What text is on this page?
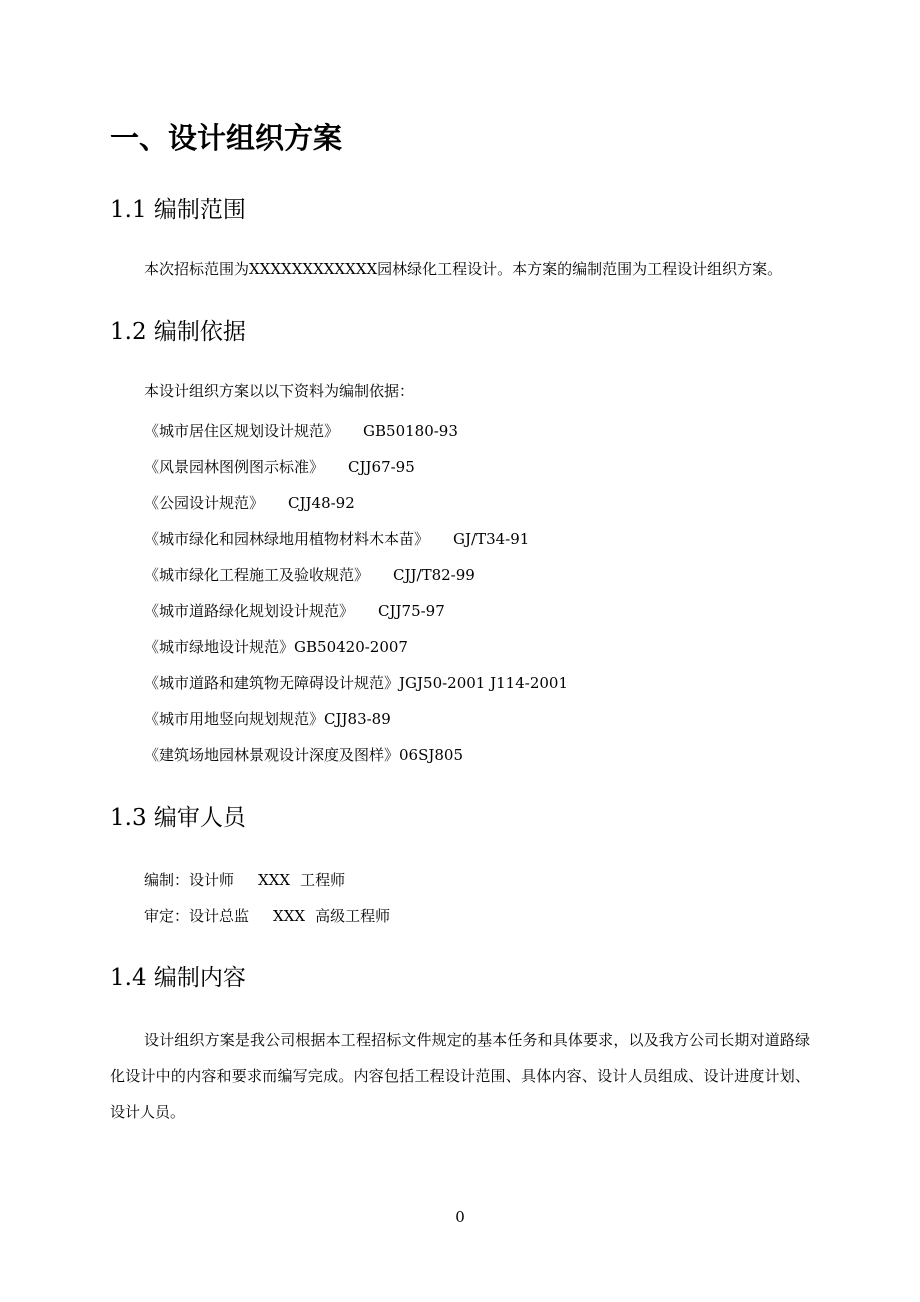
一、设计组织方案
1.1 编制范围
本次招标范围为XXXXXXXXXXXX园林绿化工程设计。本方案的编制范围为工程设计组织方案。
1.2 编制依据
本设计组织方案以以下资料为编制依据：
《城市居住区规划设计规范》 GB50180-93
《风景园林图例图示标准》 CJJ67-95
《公园设计规范》 CJJ48-92
《城市绿化和园林绿地用植物材料木本苗》 GJ/T34-91
《城市绿化工程施工及验收规范》 CJJ/T82-99
《城市道路绿化规划设计规范》 CJJ75-97
《城市绿地设计规范》GB50420-2007
《城市道路和建筑物无障碍设计规范》JGJ50-2001 J114-2001
《城市用地竖向规划规范》CJJ83-89
《建筑场地园林景观设计深度及图样》06SJ805
1.3 编审人员
编制：设计师 XXX 工程师
审定：设计总监 XXX 高级工程师
1.4 编制内容
设计组织方案是我公司根据本工程招标文件规定的基本任务和具体要求，以及我方公司长期对道路绿化设计中的内容和要求而编写完成。内容包括工程设计范围、具体内容、设计人员组成、设计进度计划、设计人员。
0
